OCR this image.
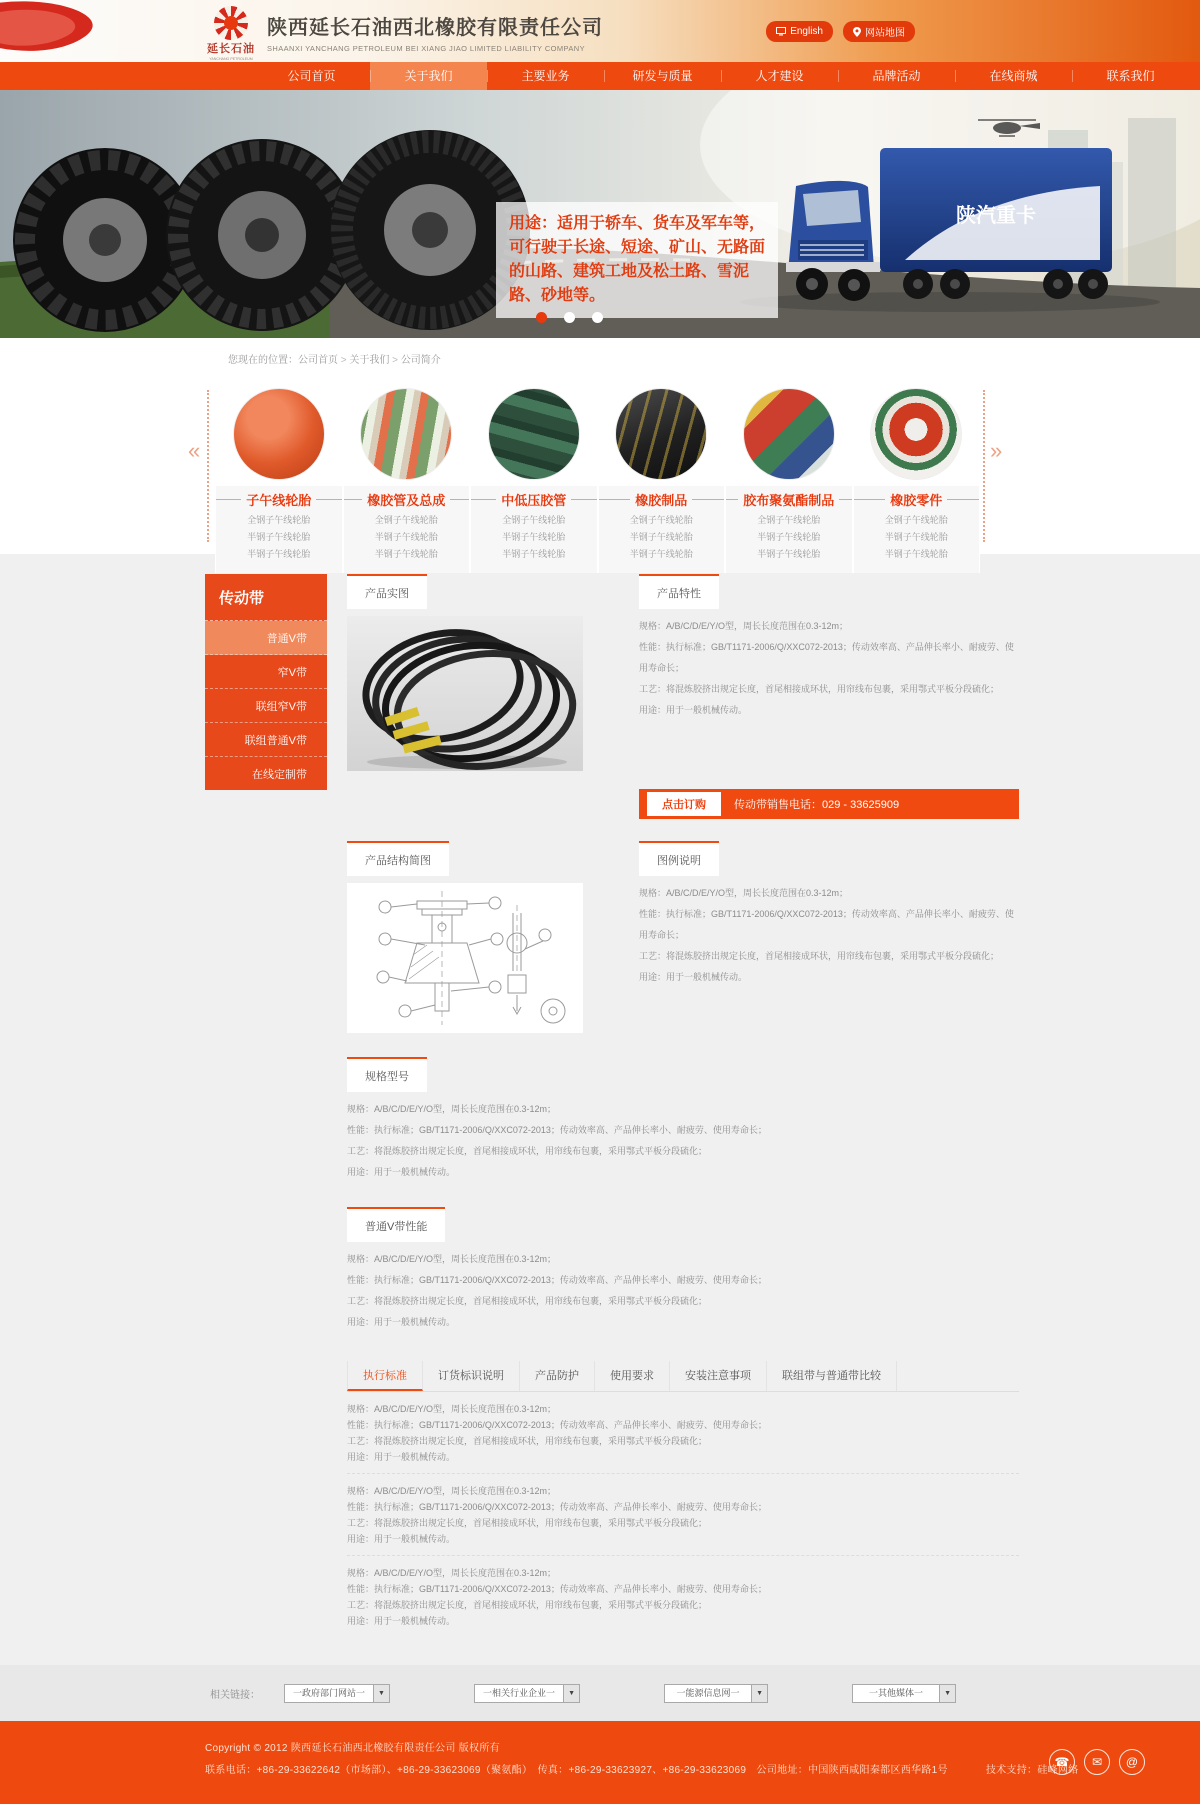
延长石油
YANCHANG PETROLEUM
陕西延长石油西北橡胶有限责任公司
SHAANXI YANCHANG PETROLEUM BEI XIANG JIAO LIMITED LIABILITY COMPANY
English	网站地图
公司首页	关于我们	主要业务	研发与质量	人才建设	品牌活动	在线商城	联系我们
陕汽重卡
用途：适用于轿车、货车及军车等，可行驶于长途、短途、矿山、无路面的山路、建筑工地及松土路、雪泥路、砂地等。
您现在的位置：公司首页 > 关于我们 > 公司简介
«	»
子午线轮胎
全钢子午线轮胎
半钢子午线轮胎
半钢子午线轮胎
橡胶管及总成
全钢子午线轮胎
半钢子午线轮胎
半钢子午线轮胎
中低压胶管
全钢子午线轮胎
半钢子午线轮胎
半钢子午线轮胎
橡胶制品
全钢子午线轮胎
半钢子午线轮胎
半钢子午线轮胎
胶布聚氨酯制品
全钢子午线轮胎
半钢子午线轮胎
半钢子午线轮胎
橡胶零件
全钢子午线轮胎
半钢子午线轮胎
半钢子午线轮胎
传动带
普通V带
窄V带
联组窄V带
联组普通V带
在线定制带
产品实图	产品特性

规格：A/B/C/D/E/Y/O型，周长长度范围在0.3-12m；

性能：执行标准；GB/T1171-2006/Q/XXC072-2013；传动效率高、产品伸长率小、耐疲劳、使用寿命长；

工艺：将混炼胶挤出规定长度，首尾相接成环状，用帘线布包裹，采用鄂式平板分段硫化；

用途：用于一般机械传动。

点击订购	传动带销售电话：029 - 33625909
产品结构简图	图例说明

规格：A/B/C/D/E/Y/O型，周长长度范围在0.3-12m；

性能：执行标准；GB/T1171-2006/Q/XXC072-2013；传动效率高、产品伸长率小、耐疲劳、使用寿命长；

工艺：将混炼胶挤出规定长度，首尾相接成环状，用帘线布包裹，采用鄂式平板分段硫化；

用途：用于一般机械传动。

规格型号

规格：A/B/C/D/E/Y/O型，周长长度范围在0.3-12m；

性能：执行标准；GB/T1171-2006/Q/XXC072-2013；传动效率高、产品伸长率小、耐疲劳、使用寿命长；

工艺：将混炼胶挤出规定长度，首尾相接成环状，用帘线布包裹，采用鄂式平板分段硫化；

用途：用于一般机械传动。

普通V带性能

规格：A/B/C/D/E/Y/O型，周长长度范围在0.3-12m；

性能：执行标准；GB/T1171-2006/Q/XXC072-2013；传动效率高、产品伸长率小、耐疲劳、使用寿命长；

工艺：将混炼胶挤出规定长度，首尾相接成环状，用帘线布包裹，采用鄂式平板分段硫化；

用途：用于一般机械传动。

执行标准	订货标识说明	产品防护	使用要求	安装注意事项	联组带与普通带比较

规格：A/B/C/D/E/Y/O型，周长长度范围在0.3-12m；

性能：执行标准；GB/T1171-2006/Q/XXC072-2013；传动效率高、产品伸长率小、耐疲劳、使用寿命长；

工艺：将混炼胶挤出规定长度，首尾相接成环状，用帘线布包裹，采用鄂式平板分段硫化；

用途：用于一般机械传动。

规格：A/B/C/D/E/Y/O型，周长长度范围在0.3-12m；

性能：执行标准；GB/T1171-2006/Q/XXC072-2013；传动效率高、产品伸长率小、耐疲劳、使用寿命长；

工艺：将混炼胶挤出规定长度，首尾相接成环状，用帘线布包裹，采用鄂式平板分段硫化；

用途：用于一般机械传动。

规格：A/B/C/D/E/Y/O型，周长长度范围在0.3-12m；

性能：执行标准；GB/T1171-2006/Q/XXC072-2013；传动效率高、产品伸长率小、耐疲劳、使用寿命长；

工艺：将混炼胶挤出规定长度，首尾相接成环状，用帘线布包裹，采用鄂式平板分段硫化；

用途：用于一般机械传动。

相关链接：	一政府部门网站一	▼	一相关行业企业一	▼	一能源信息网一	▼	一其他媒体一	▼

Copyright © 2012 陕西延长石油西北橡胶有限责任公司 版权所有

联系电话：+86-29-33622642（市场部）、+86-29-33623069（聚氨酯）　传真：+86-29-33623927、+86-29-33623069　公司地址：中国陕西咸阳秦都区西华路1号	技术支持：硅峰网络

☎	✉	@
